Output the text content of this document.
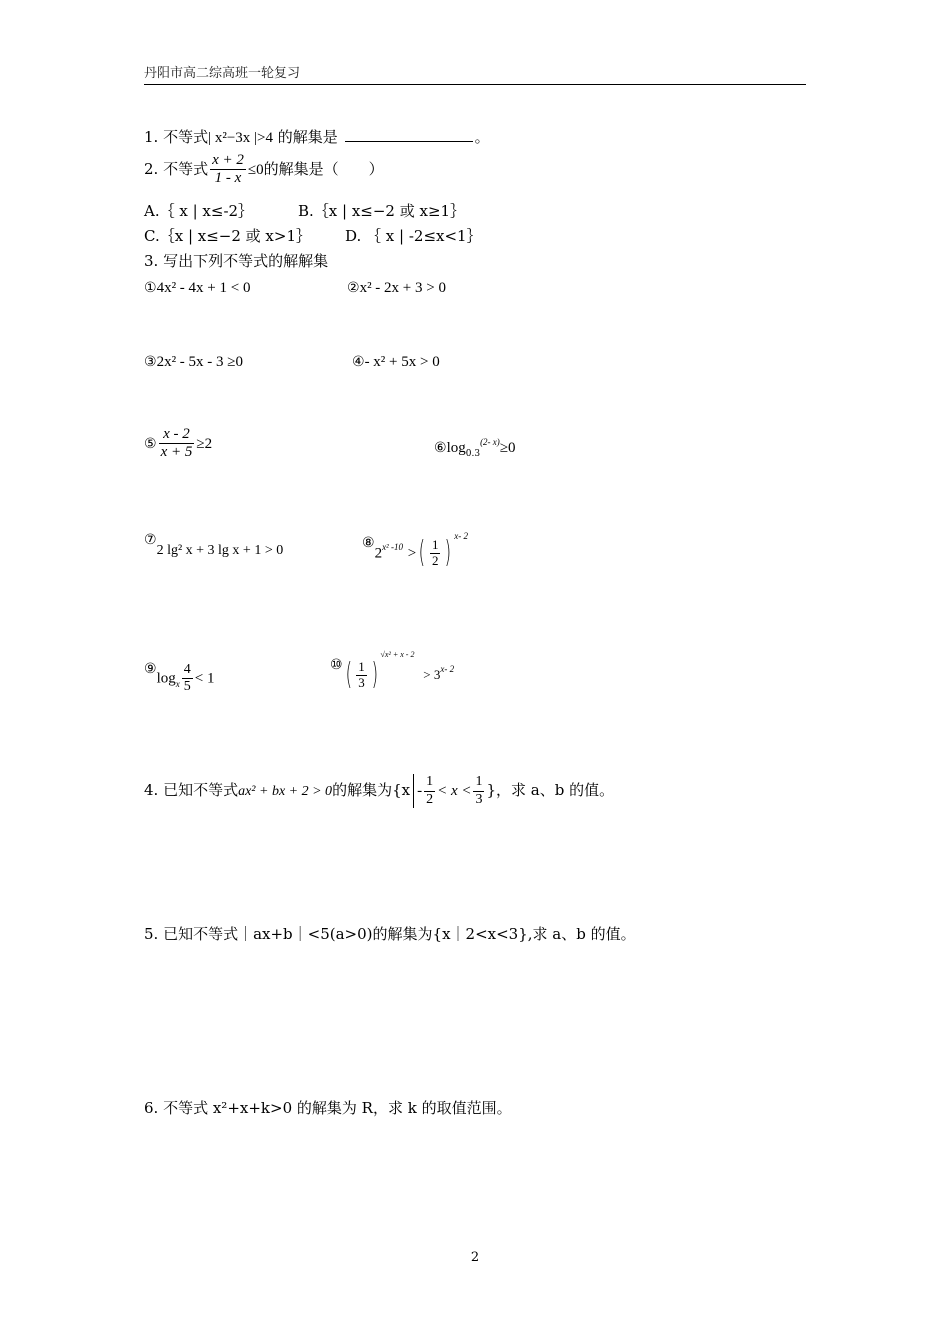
丹阳市高二综高班一轮复习
1. 不等式| x²−3x |>4 的解集是	。
2. 不等式 $\frac{x + 2}{1 - x} \le 0$的解集是（　　）
A.｛ x | x≤-2｝	B.｛x | x≤−2 或 x≥1｝
C.｛x | x≤−2 或 x>1｝ D. ｛ x | -2≤x<1｝
3. 写出下列不等式的解解集
①4x² - 4x + 1 < 0	②x² - 2x + 3 > 0
③2x² - 5x - 3 ≥0	④- x² + 5x > 0
⑤ $\frac{x - 2}{x + 5} \ge 2$	$⑥\log_{0.3}^{(2- x)}\ge 0$
⑦2 lg² x + 3 lg x + 1 > 0	$⑧2^{x^2 -10}$ >( $\frac{1}{2}$ ) $^{x- 2}$
$⑨\log_x \frac{4}{5} < 1$
⑩( $\frac{1}{3} )^{√x^2 + x - 2} > 3^{x- 2}$
4. 已知不等式ax² + bx + 2 > 0的解集为{$x - \frac{1}{2} < x < \frac{1}{3}$ }，求 a、b 的值。
5. 已知不等式｜ax+b｜<5(a>0)的解集为{x｜2<x<3},求 a、b 的值。
6. 不等式 x²+x+k>0 的解集为 R，求 k 的取值范围。
2
